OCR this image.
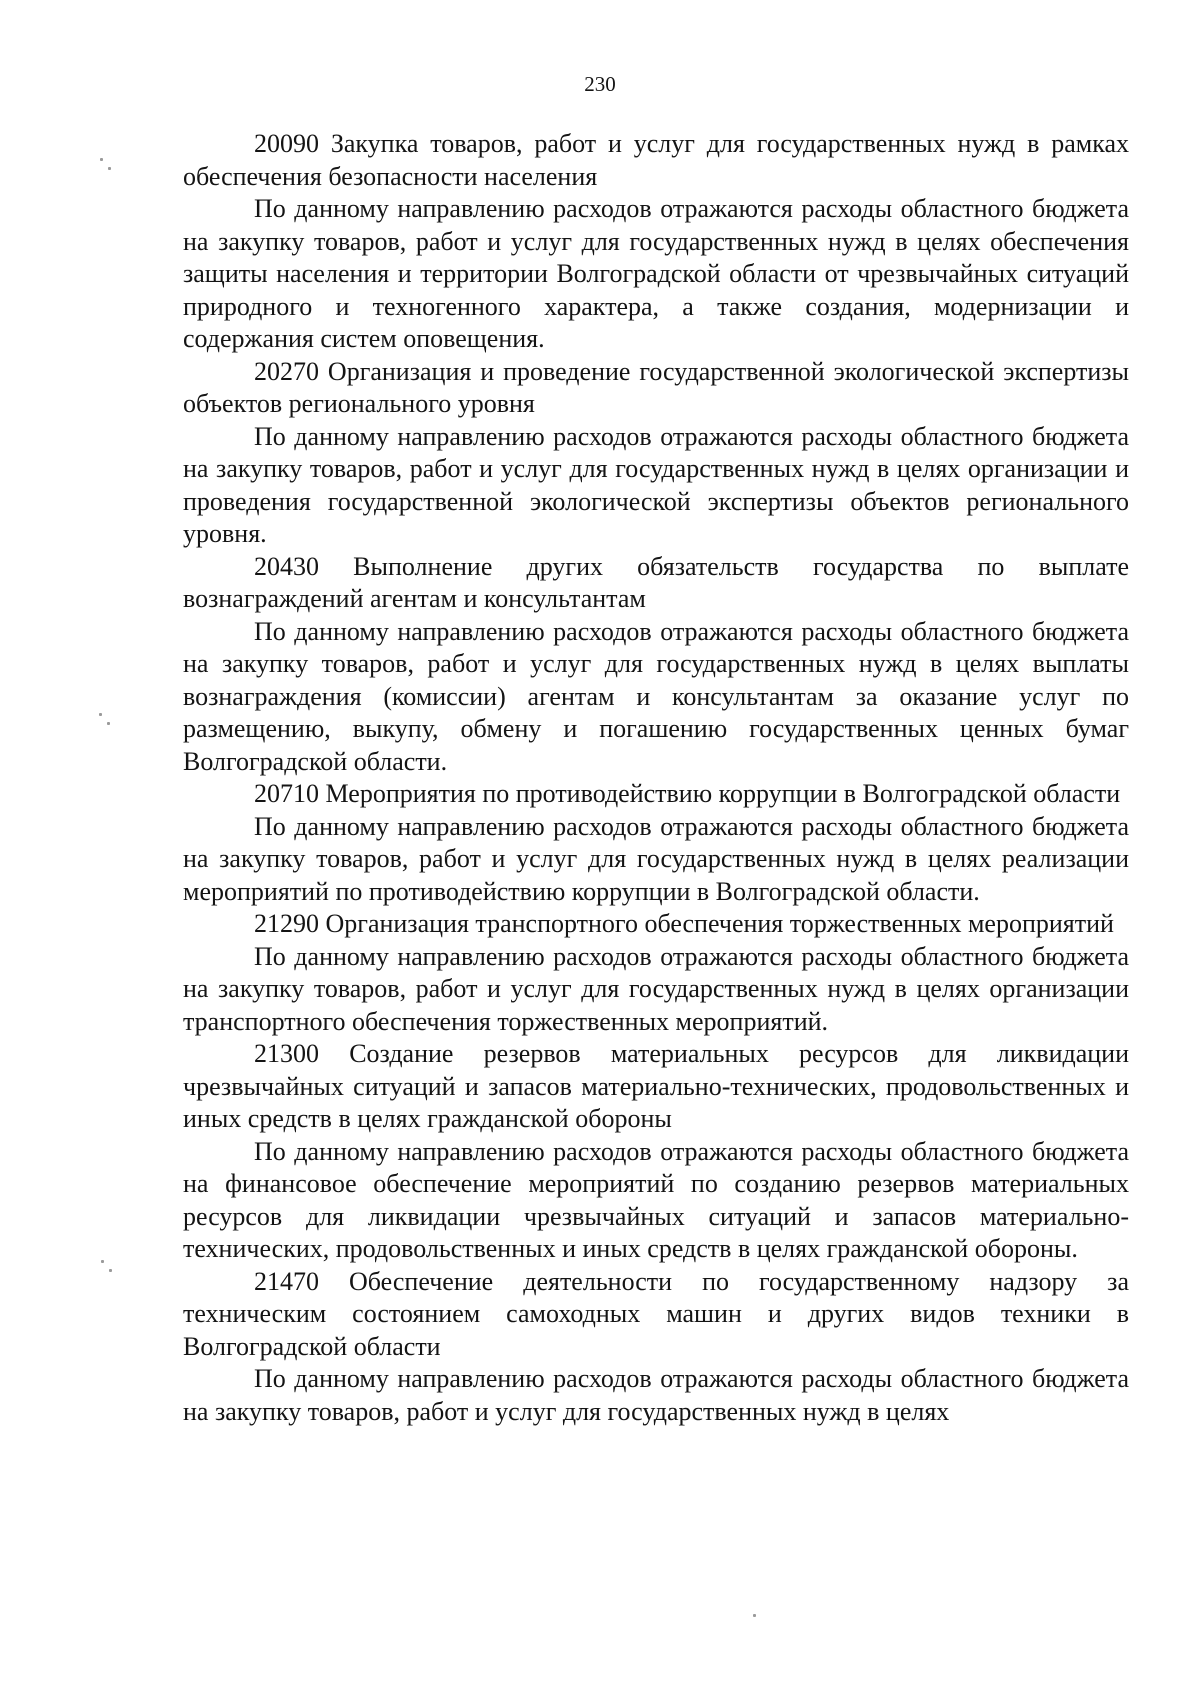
230

20090 Закупка товаров, работ и услуг для государственных нужд в рамках обеспечения безопасности населения

По данному направлению расходов отражаются расходы областного бюджета на закупку товаров, работ и услуг для государственных нужд в целях обеспечения защиты населения и территории Волгоградской области от чрезвычайных ситуаций природного и техногенного характера, а также создания, модернизации и содержания систем оповещения.

20270 Организация и проведение государственной экологической экспертизы объектов регионального уровня

По данному направлению расходов отражаются расходы областного бюджета на закупку товаров, работ и услуг для государственных нужд в целях организации и проведения государственной экологической экспертизы объектов регионального уровня.

20430 Выполнение других обязательств государства по выплате вознаграждений агентам и консультантам

По данному направлению расходов отражаются расходы областного бюджета на закупку товаров, работ и услуг для государственных нужд в целях выплаты вознаграждения (комиссии) агентам и консультантам за оказание услуг по размещению, выкупу, обмену и погашению государственных ценных бумаг Волгоградской области.

20710 Мероприятия по противодействию коррупции в Волгоградской области

По данному направлению расходов отражаются расходы областного бюджета на закупку товаров, работ и услуг для государственных нужд в целях реализации мероприятий по противодействию коррупции в Волгоградской области.

21290 Организация транспортного обеспечения торжественных мероприятий

По данному направлению расходов отражаются расходы областного бюджета на закупку товаров, работ и услуг для государственных нужд в целях организации транспортного обеспечения торжественных мероприятий.

21300 Создание резервов материальных ресурсов для ликвидации чрезвычайных ситуаций и запасов материально-технических, продовольственных и иных средств в целях гражданской обороны

По данному направлению расходов отражаются расходы областного бюджета на финансовое обеспечение мероприятий по созданию резервов материальных ресурсов для ликвидации чрезвычайных ситуаций и запасов материально-технических, продовольственных и иных средств в целях гражданской обороны.

21470 Обеспечение деятельности по государственному надзору за техническим состоянием самоходных машин и других видов техники в Волгоградской области

По данному направлению расходов отражаются расходы областного бюджета на закупку товаров, работ и услуг для государственных нужд в целях
